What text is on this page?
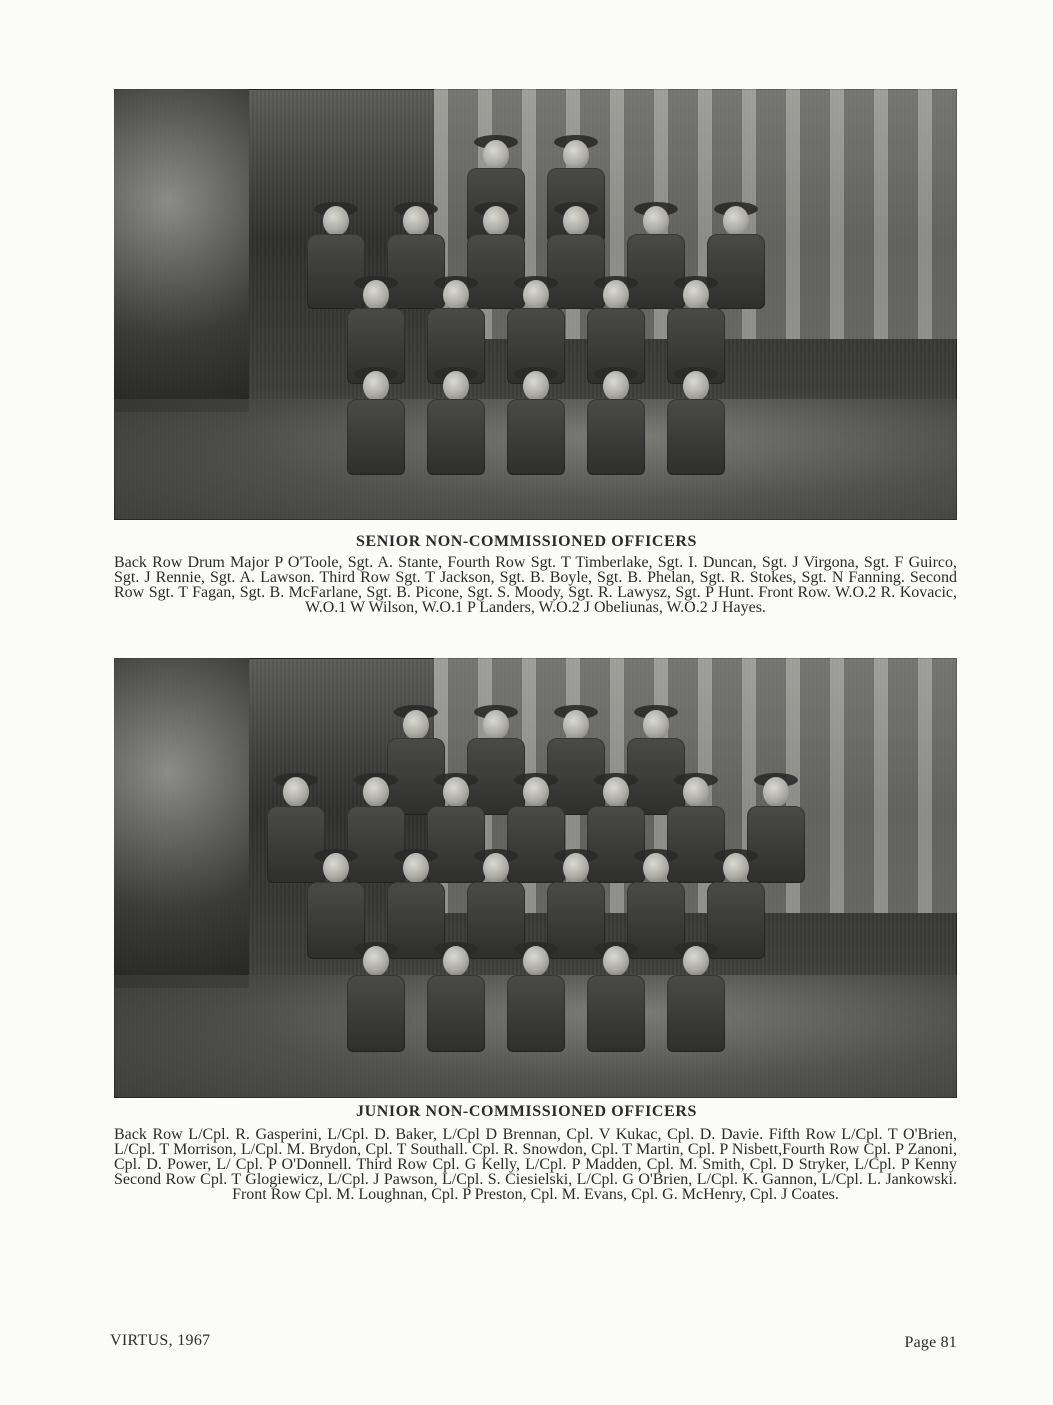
SENIOR NON-COMMISSIONED OFFICERS
Back Row Drum Major P O'Toole, Sgt. A. Stante, Fourth Row Sgt. T Timberlake, Sgt. I. Duncan, Sgt. J Virgona, Sgt. F Guirco, Sgt. J Rennie, Sgt. A. Lawson. Third Row Sgt. T Jackson, Sgt. B. Boyle, Sgt. B. Phelan, Sgt. R. Stokes, Sgt. N Fanning. Second Row Sgt. T Fagan, Sgt. B. McFarlane, Sgt. B. Picone, Sgt. S. Moody, Sgt. R. Lawysz, Sgt. P Hunt. Front Row. W.O.2 R. Kovacic, W.O.1 W Wilson, W.O.1 P Landers, W.O.2 J Obeliunas, W.O.2 J Hayes.
JUNIOR NON-COMMISSIONED OFFICERS
Back Row L/Cpl. R. Gasperini, L/Cpl. D. Baker, L/Cpl D Brennan, Cpl. V Kukac, Cpl. D. Davie. Fifth Row L/Cpl. T O'Brien, L/Cpl. T Morrison, L/Cpl. M. Brydon, Cpl. T Southall. Cpl. R. Snowdon, Cpl. T Martin, Cpl. P Nisbett,Fourth Row Cpl. P Zanoni, Cpl. D. Power, L/ Cpl. P O'Donnell. Third Row Cpl. G Kelly, L/Cpl. P Madden, Cpl. M. Smith, Cpl. D Stryker, L/Cpl. P Kenny Second Row Cpl. T Glogiewicz, L/Cpl. J Pawson, L/Cpl. S. Ciesielski, L/Cpl. G O'Brien, L/Cpl. K. Gannon, L/Cpl. L. Jankowski. Front Row Cpl. M. Loughnan, Cpl. P Preston, Cpl. M. Evans, Cpl. G. McHenry, Cpl. J Coates.
VIRTUS, 1967	Page 81
